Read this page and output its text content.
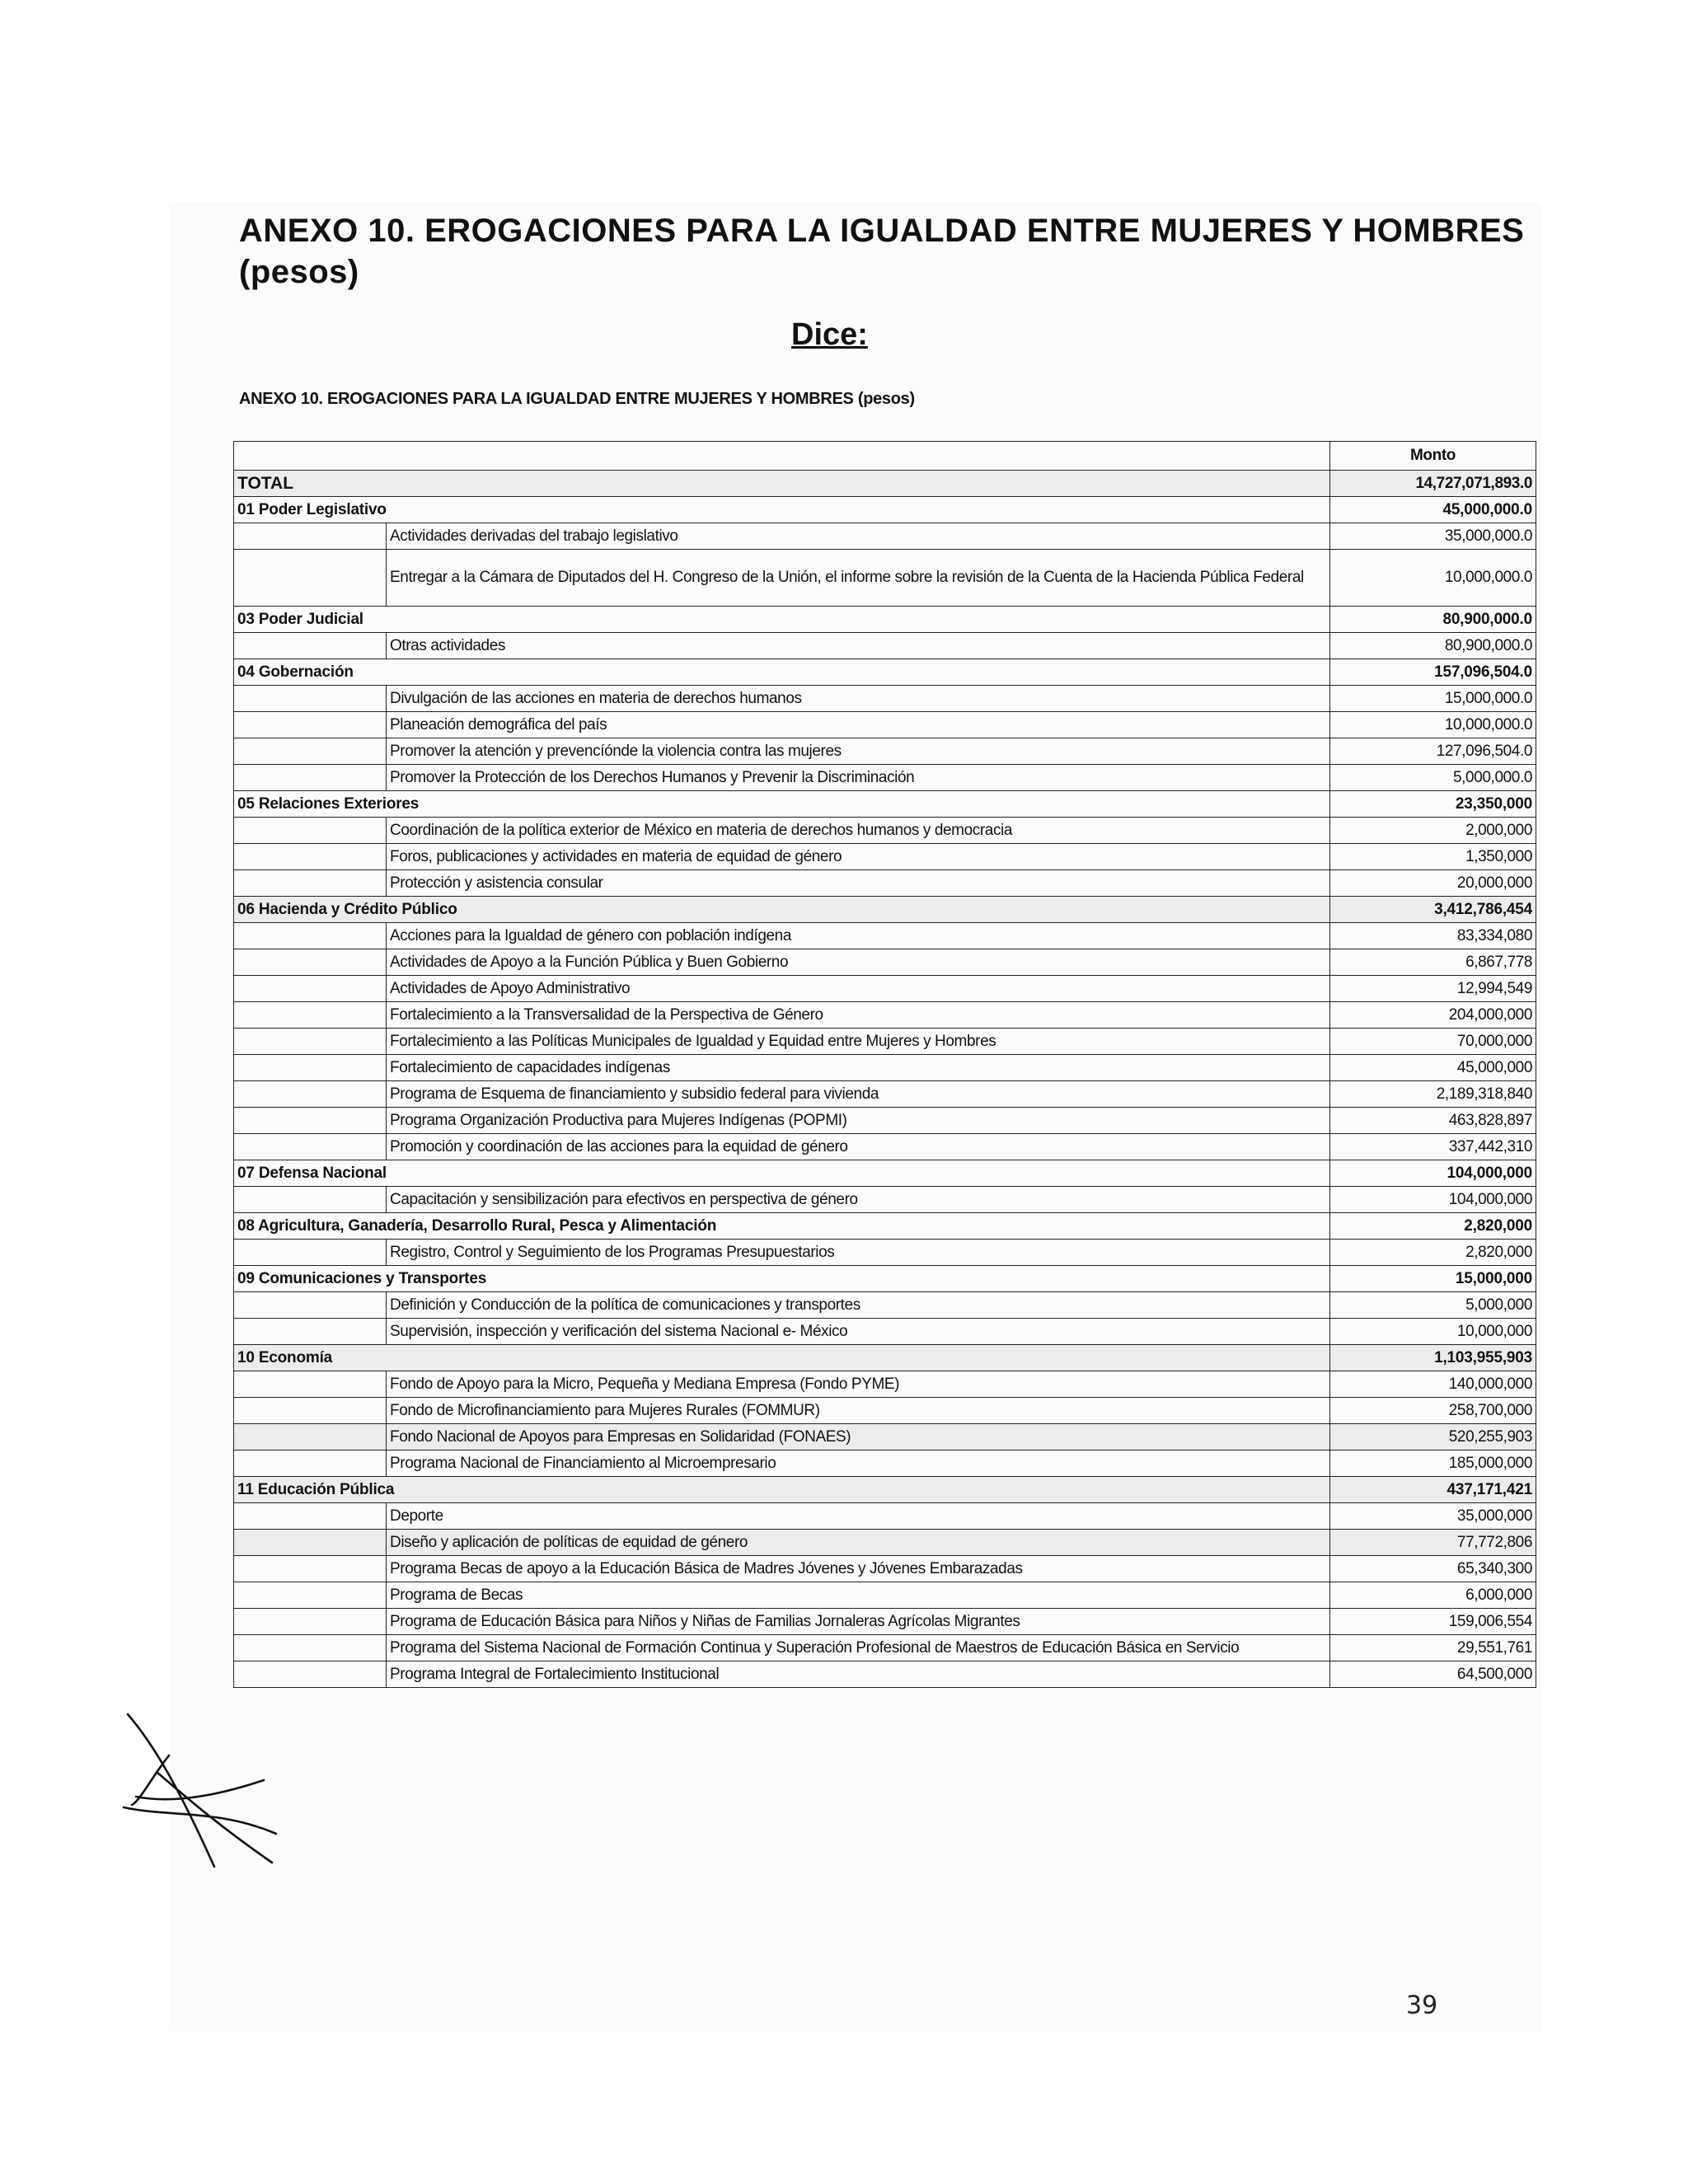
ANEXO 10. EROGACIONES PARA LA IGUALDAD ENTRE MUJERES Y HOMBRES (pesos)
Dice:
ANEXO 10. EROGACIONES PARA LA IGUALDAD ENTRE MUJERES Y HOMBRES (pesos)
		Monto
TOTAL		14,727,071,893.0
01 Poder Legislativo		45,000,000.0
	Actividades derivadas del trabajo legislativo	35,000,000.0
	Entregar a la Cámara de Diputados del H. Congreso de la Unión, el informe sobre la revisión de la Cuenta de la Hacienda Pública Federal	10,000,000.0
03 Poder Judicial		80,900,000.0
	Otras actividades	80,900,000.0
04 Gobernación		157,096,504.0
	Divulgación de las acciones en materia de derechos humanos	15,000,000.0
	Planeación demográfica del país	10,000,000.0
	Promover la atención y prevencíónde la violencia contra las mujeres	127,096,504.0
	Promover la Protección de los Derechos Humanos y Prevenir la Discriminación	5,000,000.0
05 Relaciones Exteriores		23,350,000
	Coordinación de la política exterior de México en materia de derechos humanos y democracia	2,000,000
	Foros, publicaciones y actividades en materia de equidad de género	1,350,000
	Protección y asistencia consular	20,000,000
06 Hacienda y Crédito Público		3,412,786,454
	Acciones para la Igualdad de género con población indígena	83,334,080
	Actividades de Apoyo a la Función Pública y Buen Gobierno	6,867,778
	Actividades de Apoyo Administrativo	12,994,549
	Fortalecimiento a la Transversalidad de la Perspectiva de Género	204,000,000
	Fortalecimiento a las Políticas Municipales de Igualdad y Equidad entre Mujeres y Hombres	70,000,000
	Fortalecimiento de capacidades indígenas	45,000,000
	Programa de Esquema de financiamiento y subsidio federal para vivienda	2,189,318,840
	Programa Organización Productiva para Mujeres Indígenas (POPMI)	463,828,897
	Promoción y coordinación de las acciones para la equidad de género	337,442,310
07 Defensa Nacional		104,000,000
	Capacitación y sensibilización para efectivos en perspectiva de género	104,000,000
08 Agricultura, Ganadería, Desarrollo Rural, Pesca y Alimentación		2,820,000
	Registro, Control y Seguimiento de los Programas Presupuestarios	2,820,000
09 Comunicaciones y Transportes		15,000,000
	Definición y Conducción de la política de comunicaciones y transportes	5,000,000
	Supervisión, inspección y verificación del sistema Nacional e- México	10,000,000
10 Economía		1,103,955,903
	Fondo de Apoyo para la Micro, Pequeña y Mediana Empresa (Fondo PYME)	140,000,000
	Fondo de Microfinanciamiento para Mujeres Rurales (FOMMUR)	258,700,000
	Fondo Nacional de Apoyos para Empresas en Solidaridad (FONAES)	520,255,903
	Programa Nacional de Financiamiento al Microempresario	185,000,000
11 Educación Pública		437,171,421
	Deporte	35,000,000
	Diseño y aplicación de políticas de equidad de género	77,772,806
	Programa Becas de apoyo a la Educación Básica de Madres Jóvenes y Jóvenes Embarazadas	65,340,300
	Programa de Becas	6,000,000
	Programa de Educación Básica para Niños y Niñas de Familias Jornaleras Agrícolas Migrantes	159,006,554
	Programa del Sistema Nacional de Formación Continua y Superación Profesional de Maestros de Educación Básica en Servicio	29,551,761
	Programa Integral de Fortalecimiento Institucional	64,500,000

39
